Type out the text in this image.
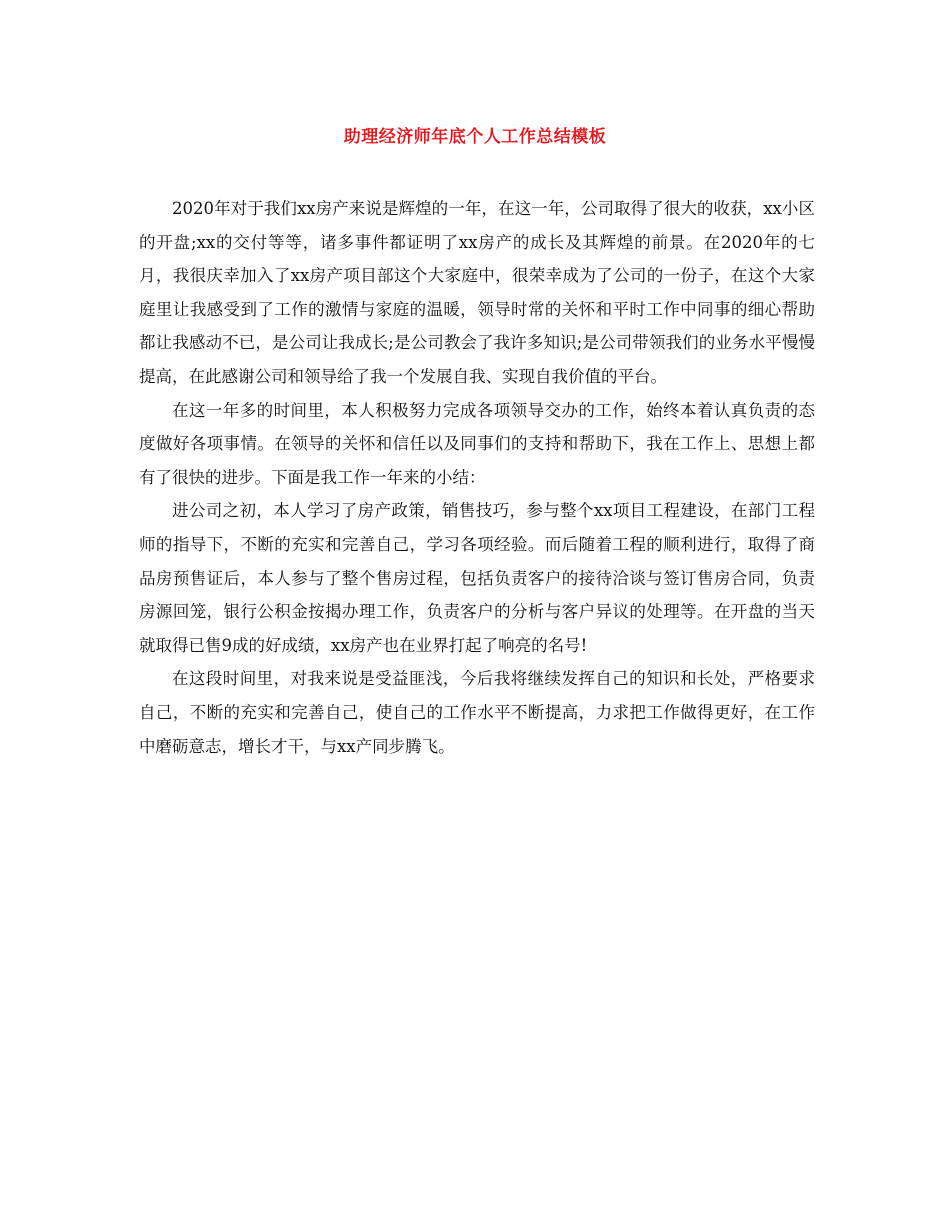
助理经济师年底个人工作总结模板

2020年对于我们xx房产来说是辉煌的一年，在这一年，公司取得了很大的收获，xx小区的开盘;xx的交付等等，诸多事件都证明了xx房产的成长及其辉煌的前景。在2020年的七月，我很庆幸加入了xx房产项目部这个大家庭中，很荣幸成为了公司的一份子，在这个大家庭里让我感受到了工作的激情与家庭的温暖，领导时常的关怀和平时工作中同事的细心帮助都让我感动不已，是公司让我成长;是公司教会了我许多知识;是公司带领我们的业务水平慢慢提高，在此感谢公司和领导给了我一个发展自我、实现自我价值的平台。

在这一年多的时间里，本人积极努力完成各项领导交办的工作，始终本着认真负责的态度做好各项事情。在领导的关怀和信任以及同事们的支持和帮助下，我在工作上、思想上都有了很快的进步。下面是我工作一年来的小结：

进公司之初，本人学习了房产政策，销售技巧，参与整个xx项目工程建设，在部门工程师的指导下，不断的充实和完善自己，学习各项经验。而后随着工程的顺利进行，取得了商品房预售证后，本人参与了整个售房过程，包括负责客户的接待洽谈与签订售房合同，负责房源回笼，银行公积金按揭办理工作，负责客户的分析与客户异议的处理等。在开盘的当天就取得已售9成的好成绩，xx房产也在业界打起了响亮的名号!

在这段时间里，对我来说是受益匪浅，今后我将继续发挥自己的知识和长处，严格要求自己，不断的充实和完善自己，使自己的工作水平不断提高，力求把工作做得更好，在工作中磨砺意志，增长才干，与xx产同步腾飞。
